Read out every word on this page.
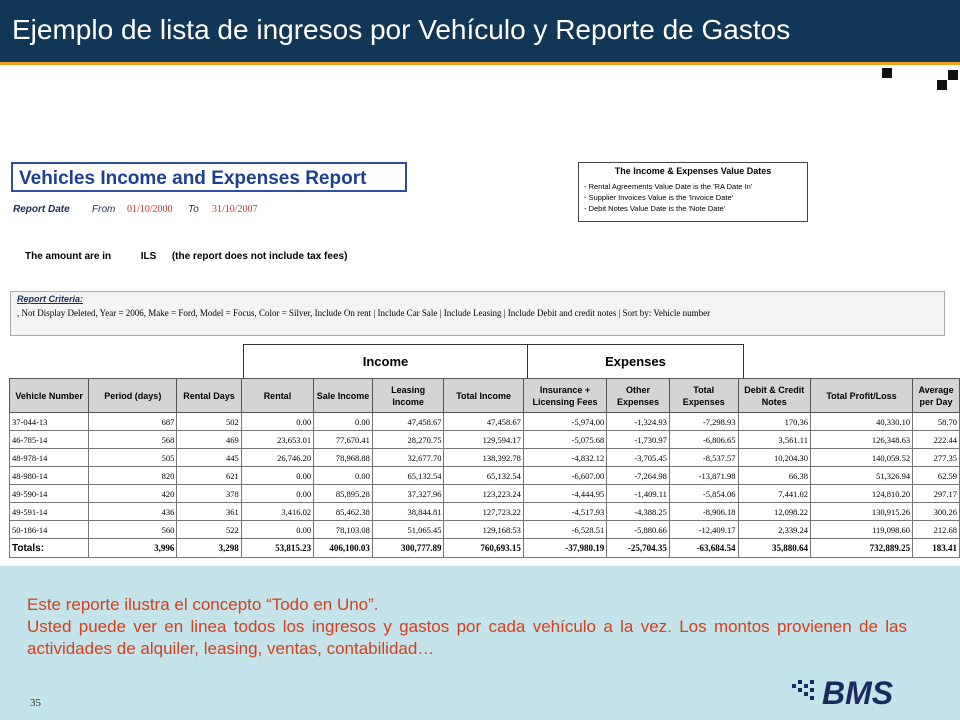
Ejemplo de lista de ingresos por Vehículo y Reporte de Gastos
Vehicles Income and Expenses Report
Report Date From 01/10/2000 To 31/10/2007
The Income & Expenses Value Dates
- Rental Agreements Value Date is the 'RA Date In'
- Supplier Invoices Value is the 'Invoice Date'
- Debit Notes Value Date is the 'Note Date'
The amount are in	ILS (the report does not include tax fees)
Report Criteria:
, Not Display Deleted, Year = 2006, Make = Ford, Model = Focus, Color = Silver, Include On rent | Include Car Sale | Include Leasing | Include Debit and credit notes | Sort by: Vehicle number
Income	Expenses
Vehicle Number	Period (days)	Rental Days	Rental	Sale Income	Leasing Income	Total Income	Insurance + Licensing Fees	Other Expenses	Total Expenses	Debit & Credit Notes	Total Profit/Loss	Average per Day
37-044-13	687	502	0.00	0.00	47,458.67	47,458.67	-5,974.00	-1,324.93	-7,298.93	170.36	40,330.10	58.70
46-785-14	568	469	23,653.01	77,670.41	28,270.75	129,594.17	-5,075.68	-1,730.97	-6,806.65	3,561.11	126,348.63	222.44
48-978-14	505	445	26,746.20	78,968.88	32,677.70	138,392.78	-4,832.12	-3,705.45	-8,537.57	10,204.30	140,059.52	277.35
48-980-14	820	621	0.00	0.00	65,132.54	65,132.54	-6,607.00	-7,264.98	-13,871.98	66.38	51,326.94	62.59
49-590-14	420	378	0.00	85,895.28	37,327.96	123,223.24	-4,444.95	-1,409.11	-5,854.06	7,441.02	124,810.20	297.17
49-591-14	436	361	3,416.02	85,462.38	38,844.81	127,723.22	-4,517.93	-4,388.25	-8,906.18	12,098.22	130,915.26	300.26
50-186-14	560	522	0.00	78,103.08	51,065.45	129,168.53	-6,528.51	-5,880.66	-12,409.17	2,339.24	119,098.60	212.68
Totals:	3,996	3,298	53,815.23	406,100.03	300,777.89	760,693.15	-37,980.19	-25,704.35	-63,684.54	35,880.64	732,889.25	183.41

Este reporte ilustra el concepto “Todo en Uno”.

Usted puede ver en linea todos los ingresos y gastos por cada vehículo a la vez. Los montos provienen de las actividades de alquiler, leasing, ventas, contabilidad…

35	BMS
